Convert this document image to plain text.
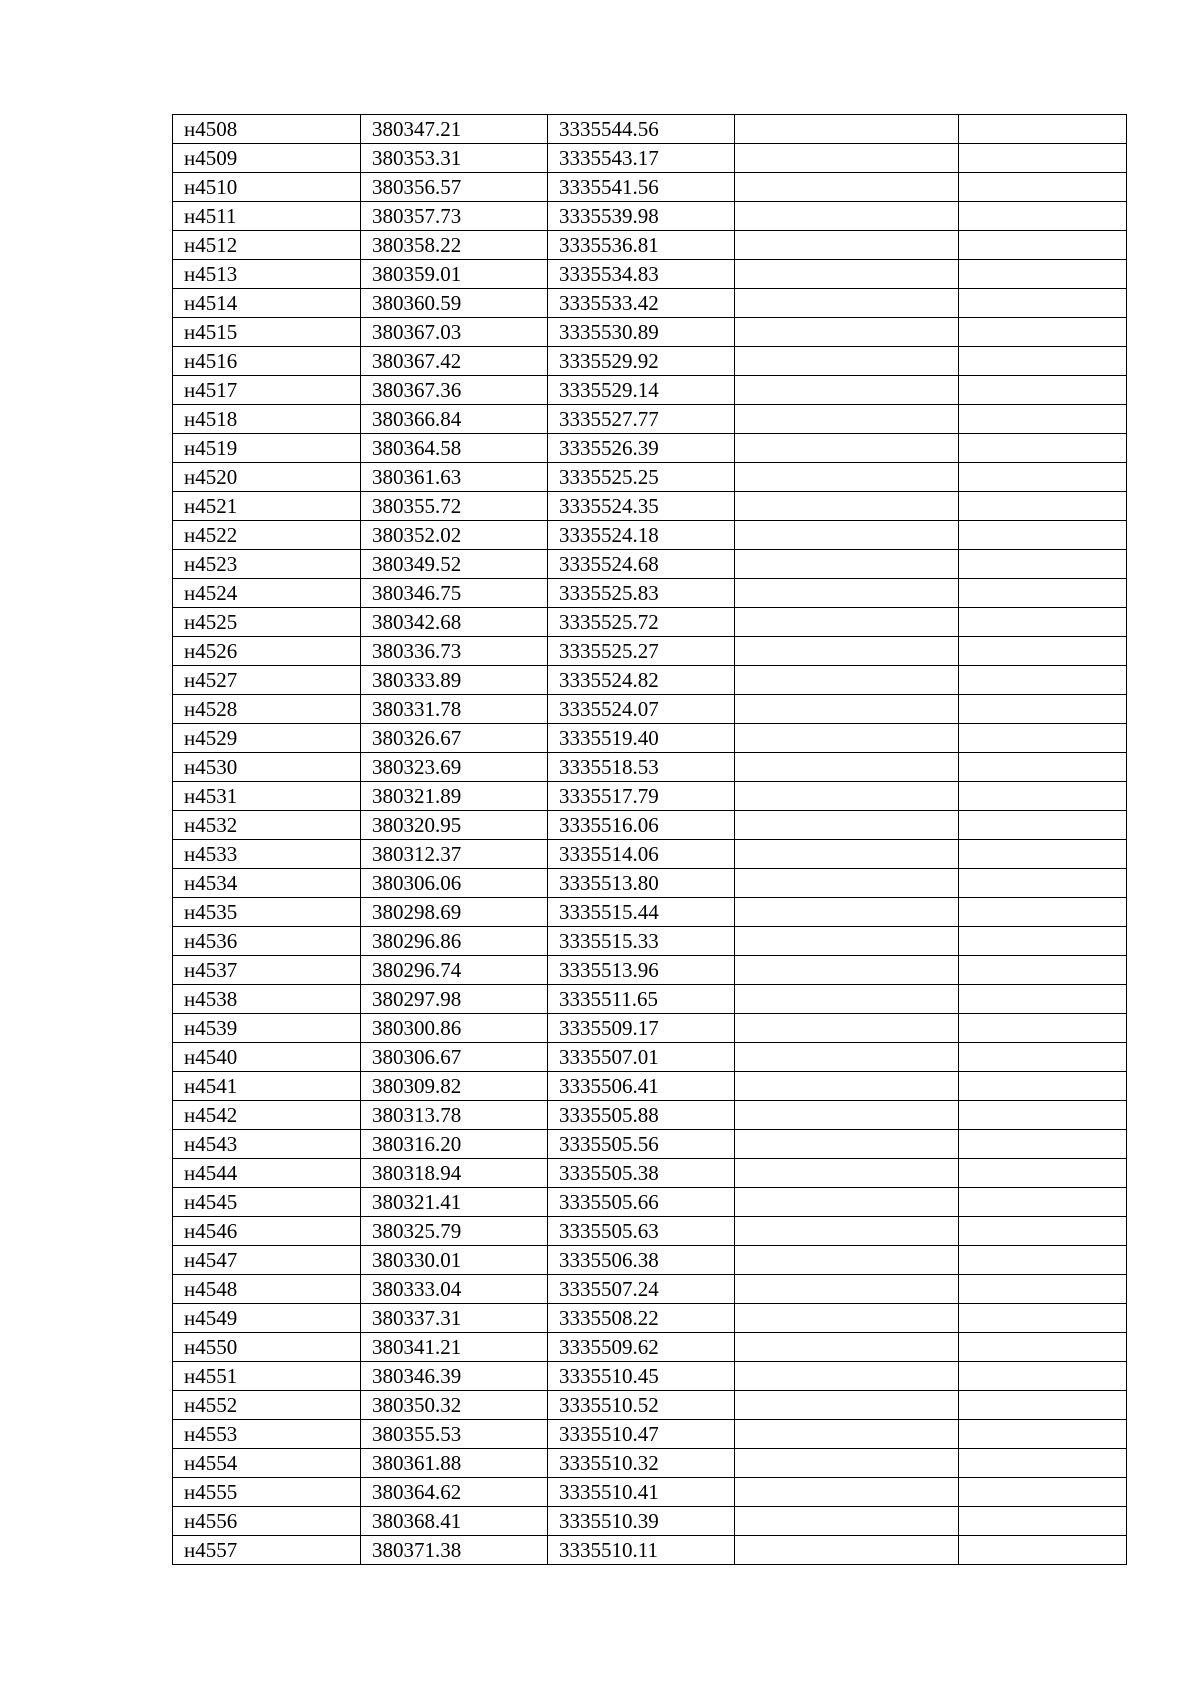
н4508	380347.21	3335544.56		
н4509	380353.31	3335543.17		
н4510	380356.57	3335541.56		
н4511	380357.73	3335539.98		
н4512	380358.22	3335536.81		
н4513	380359.01	3335534.83		
н4514	380360.59	3335533.42		
н4515	380367.03	3335530.89		
н4516	380367.42	3335529.92		
н4517	380367.36	3335529.14		
н4518	380366.84	3335527.77		
н4519	380364.58	3335526.39		
н4520	380361.63	3335525.25		
н4521	380355.72	3335524.35		
н4522	380352.02	3335524.18		
н4523	380349.52	3335524.68		
н4524	380346.75	3335525.83		
н4525	380342.68	3335525.72		
н4526	380336.73	3335525.27		
н4527	380333.89	3335524.82		
н4528	380331.78	3335524.07		
н4529	380326.67	3335519.40		
н4530	380323.69	3335518.53		
н4531	380321.89	3335517.79		
н4532	380320.95	3335516.06		
н4533	380312.37	3335514.06		
н4534	380306.06	3335513.80		
н4535	380298.69	3335515.44		
н4536	380296.86	3335515.33		
н4537	380296.74	3335513.96		
н4538	380297.98	3335511.65		
н4539	380300.86	3335509.17		
н4540	380306.67	3335507.01		
н4541	380309.82	3335506.41		
н4542	380313.78	3335505.88		
н4543	380316.20	3335505.56		
н4544	380318.94	3335505.38		
н4545	380321.41	3335505.66		
н4546	380325.79	3335505.63		
н4547	380330.01	3335506.38		
н4548	380333.04	3335507.24		
н4549	380337.31	3335508.22		
н4550	380341.21	3335509.62		
н4551	380346.39	3335510.45		
н4552	380350.32	3335510.52		
н4553	380355.53	3335510.47		
н4554	380361.88	3335510.32		
н4555	380364.62	3335510.41		
н4556	380368.41	3335510.39		
н4557	380371.38	3335510.11		
